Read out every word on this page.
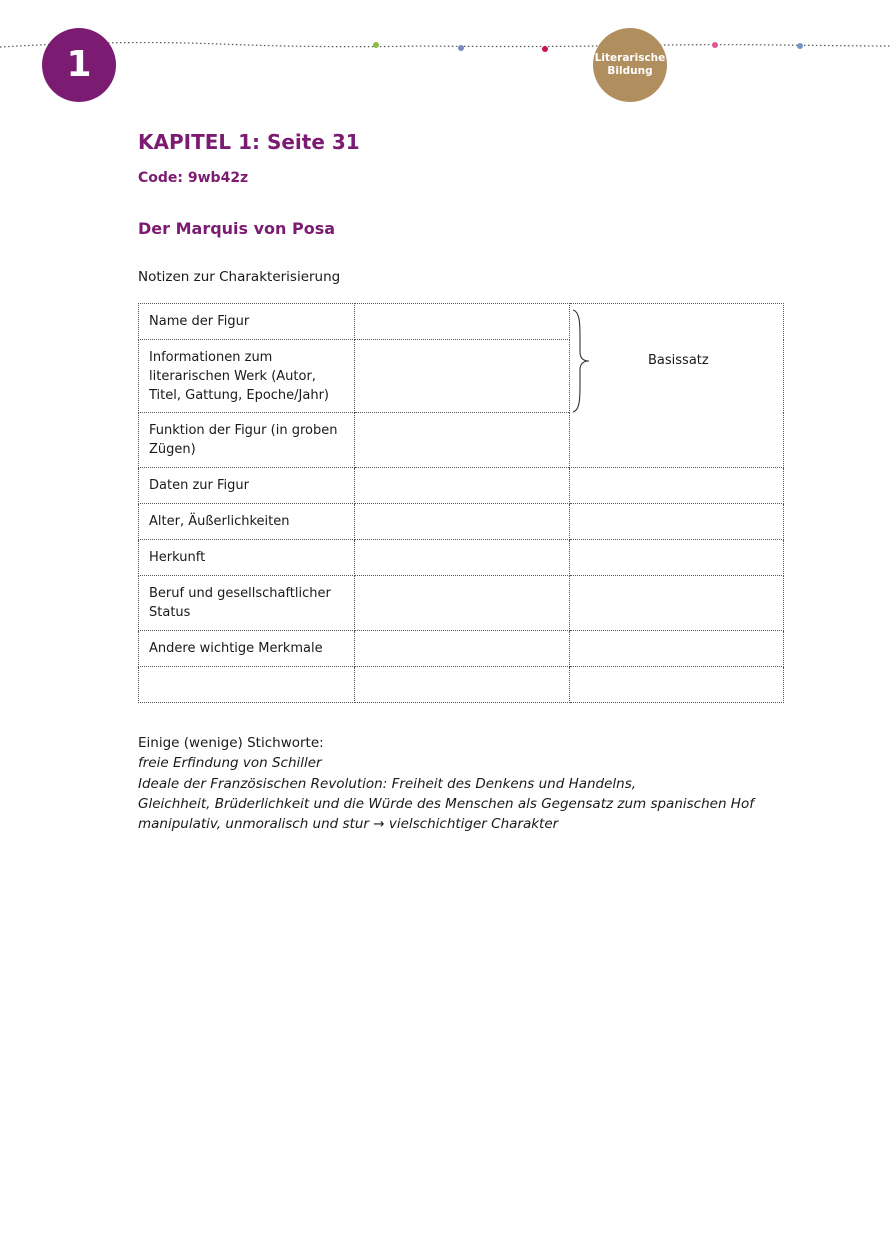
1	Literarische
Bildung
KAPITEL 1: Seite 31

Code: 9wb42z

Der Marquis von Posa

Notizen zur Charakterisierung

Name der Figur		Basissatz

Informationen zum literarischen Werk (Autor, Titel, Gattung, Epoche/Jahr)		
Funktion der Figur (in groben Zügen)		
Daten zur Figur		
Alter, Äußerlichkeiten		
Herkunft		
Beruf und gesellschaftlicher Status		
Andere wichtige Merkmale		

Einige (wenige) Stichworte:

freie Erfindung von Schiller

Ideale der Französischen Revolution: Freiheit des Denkens und Handelns,

Gleichheit, Brüderlichkeit und die Würde des Menschen als Gegensatz zum spanischen Hof

manipulativ, unmoralisch und stur → vielschichtiger Charakter
